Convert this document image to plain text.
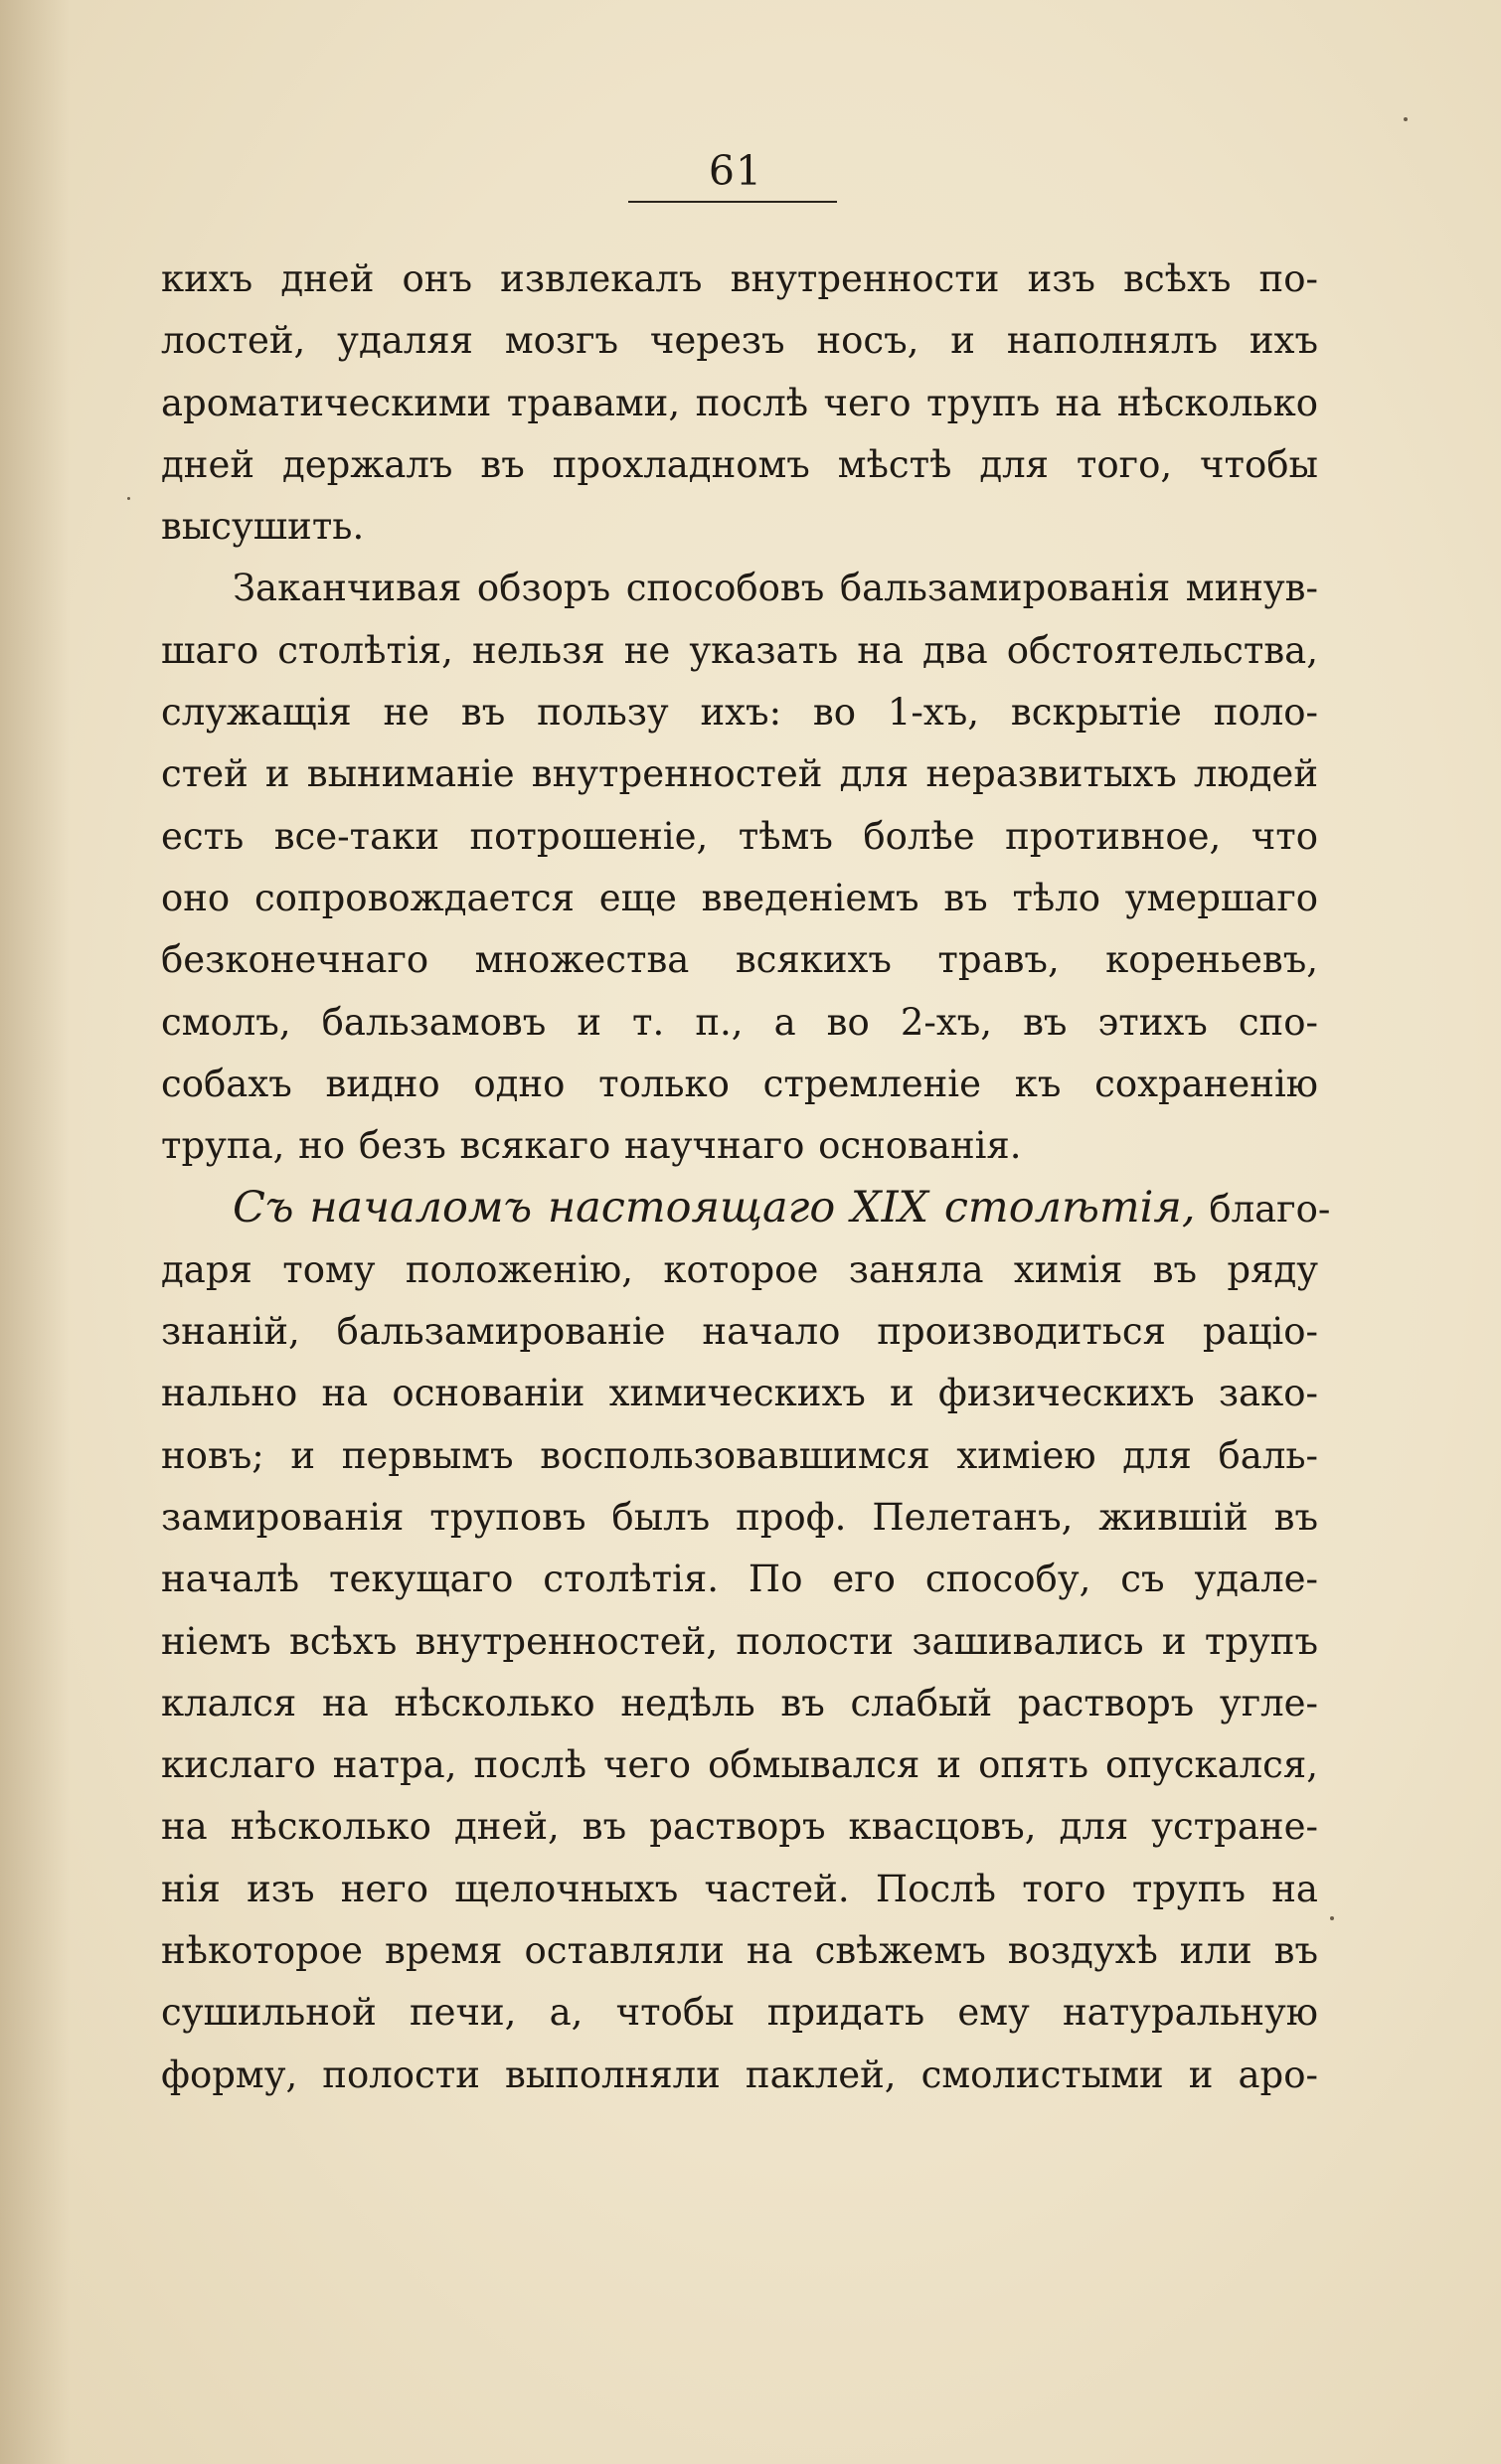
61
кихъ дней онъ извлекалъ внутренности изъ всѣхъ по-
лостей, удаляя мозгъ черезъ носъ, и наполнялъ ихъ
ароматическими травами, послѣ чего трупъ на нѣсколько
дней держалъ въ прохладномъ мѣстѣ для того, чтобы
высушить.
Заканчивая обзоръ способовъ бальзамированія минув-
шаго столѣтія, нельзя не указать на два обстоятельства,
служащія не въ пользу ихъ: во 1-хъ, вскрытіе поло-
стей и выниманіе внутренностей для неразвитыхъ людей
есть все-таки потрошеніе, тѣмъ болѣе противное, что
оно сопровождается еще введеніемъ въ тѣло умершаго
безконечнаго множества всякихъ травъ, кореньевъ,
смолъ, бальзамовъ и т. п., а во 2-хъ, въ этихъ спо-
собахъ видно одно только стремленіе къ сохраненію
трупа, но безъ всякаго научнаго основанія.
Съ началомъ настоящаго XIX столѣтія, благо-
даря тому положенію, которое заняла химія въ ряду
знаній, бальзамированіе начало производиться раціо-
нально на основаніи химическихъ и физическихъ зако-
новъ; и первымъ воспользовавшимся химіею для баль-
замированія труповъ былъ проф. Пелетанъ, жившій въ
началѣ текущаго столѣтія. По его способу, съ удале-
ніемъ всѣхъ внутренностей, полости зашивались и трупъ
клался на нѣсколько недѣль въ слабый растворъ угле-
кислаго натра, послѣ чего обмывался и опять опускался,
на нѣсколько дней, въ растворъ квасцовъ, для устране-
нія изъ него щелочныхъ частей. Послѣ того трупъ на
нѣкоторое время оставляли на свѣжемъ воздухѣ или въ
сушильной печи, а, чтобы придать ему натуральную
форму, полости выполняли паклей, смолистыми и аро-
